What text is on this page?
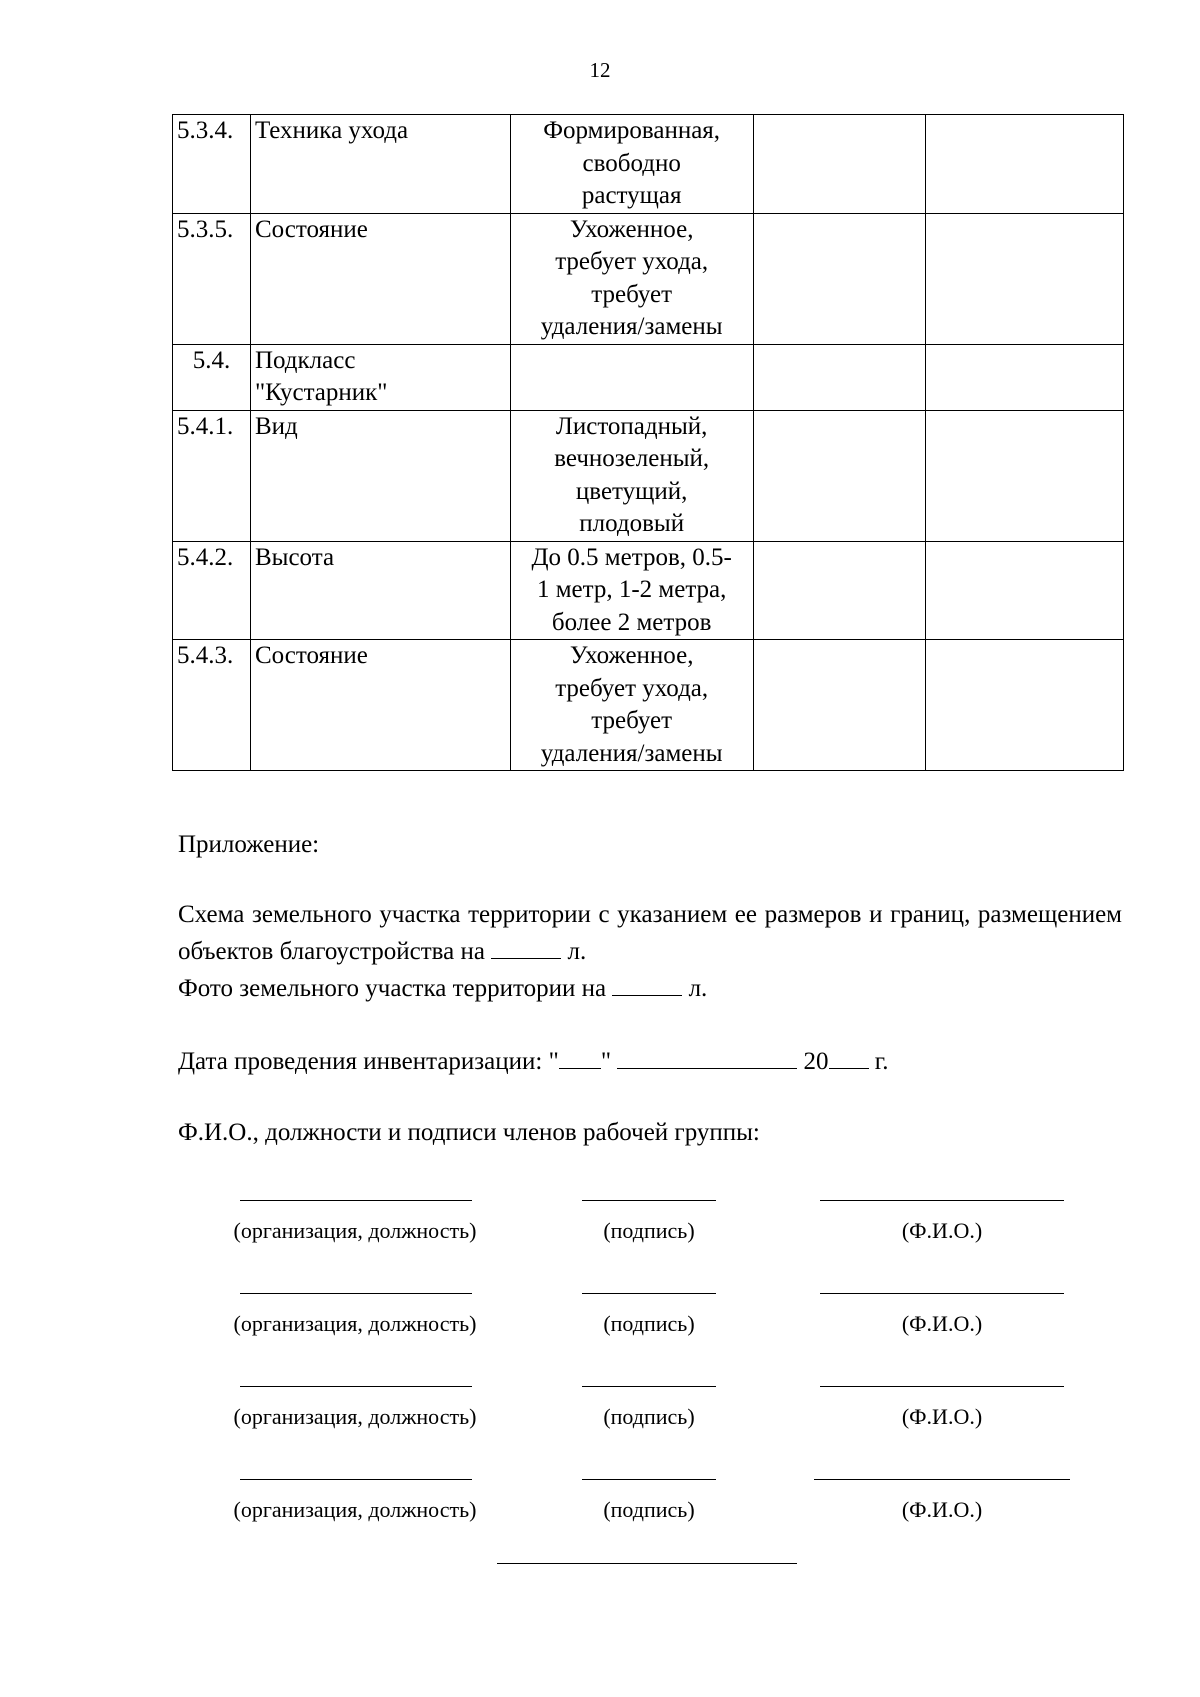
12
5.3.4.	Техника ухода	Формированная,
свободно
растущая		

5.3.5.	Состояние	Ухоженное,
требует ухода,
требует
удаления/замены		

5.4.	Подкласс
"Кустарник"			

5.4.1.	Вид	Листопадный,
вечнозеленый,
цветущий,
плодовый		

5.4.2.	Высота	До 0.5 метров, 0.5-
1 метр, 1-2 метра,
более 2 метров		

5.4.3.	Состояние	Ухоженное,
требует ухода,
требует
удаления/замены		

Приложение:
Схема земельного участка территории с указанием ее размеров и границ, размещением объектов благоустройства на	л.
Фото земельного участка территории на	л.
Дата проведения инвентаризации: " "	20 г.
Ф.И.О., должности и подписи членов рабочей группы:
(организация, должность)	(подпись)	(Ф.И.О.)
(организация, должность)	(подпись)	(Ф.И.О.)
(организация, должность)	(подпись)	(Ф.И.О.)
(организация, должность)	(подпись)	(Ф.И.О.)
